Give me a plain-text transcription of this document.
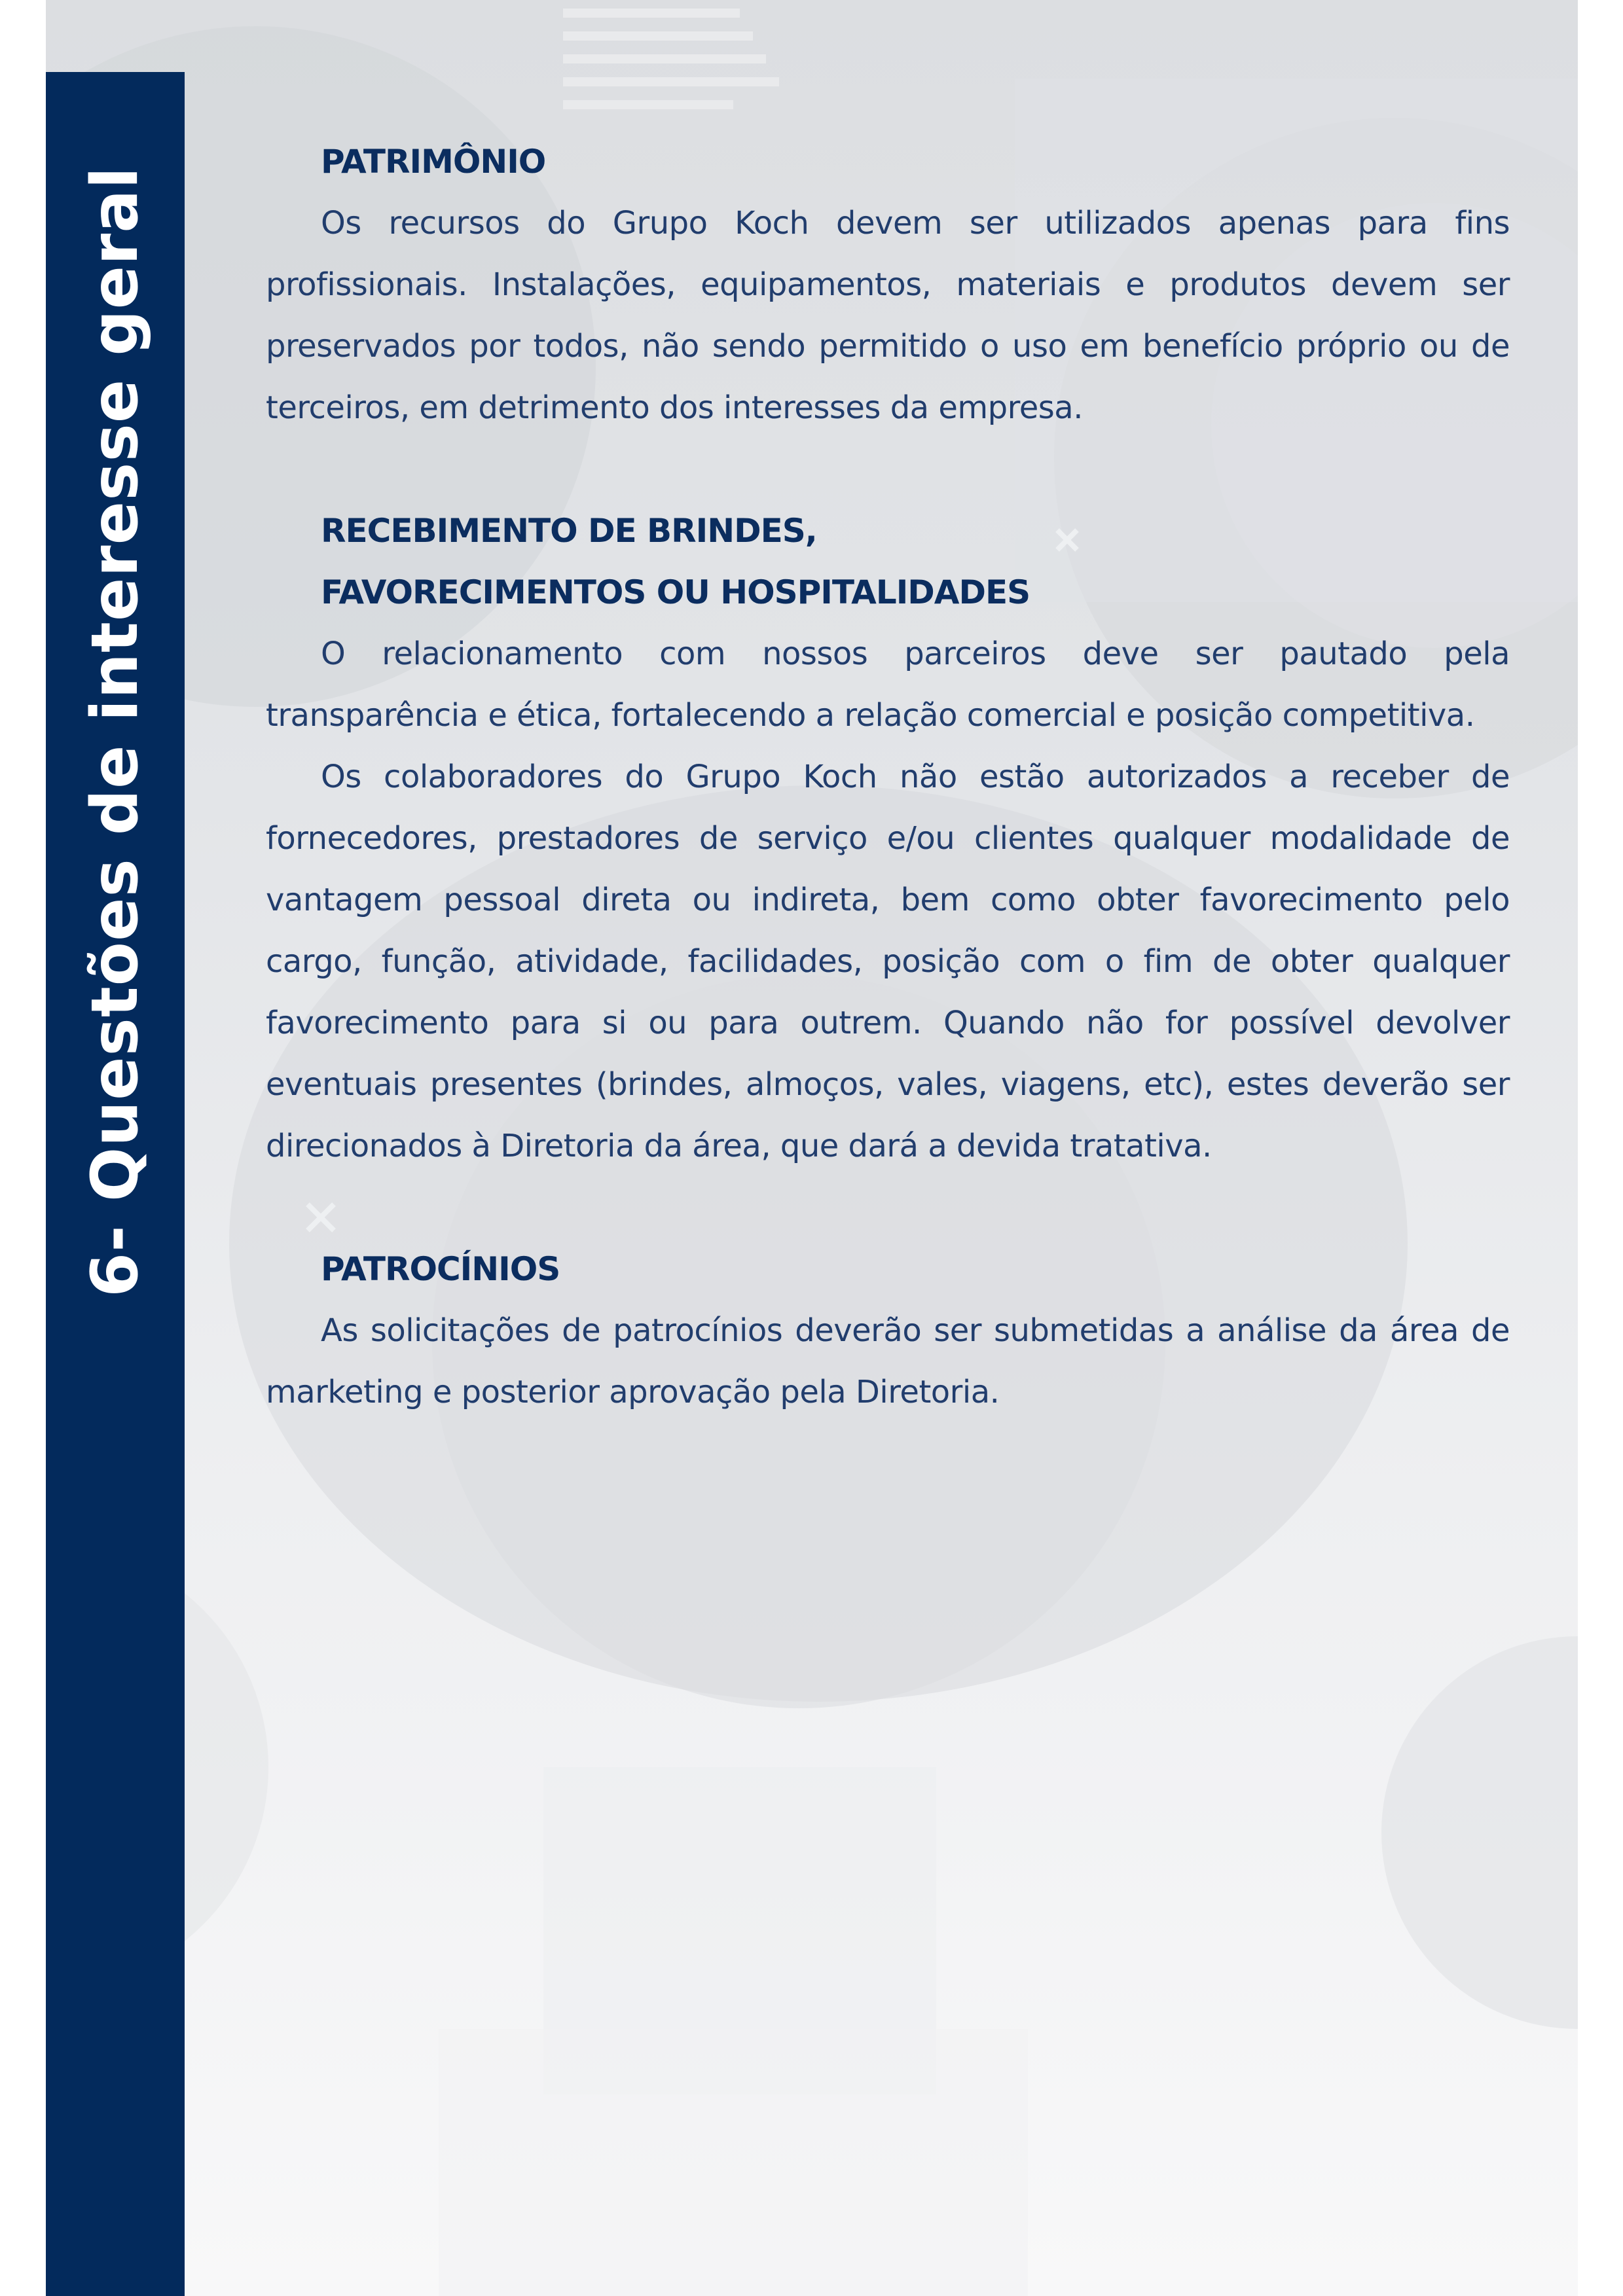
6- Questões de interesse geral
PATRIMÔNIO

Os recursos do Grupo Koch devem ser utilizados apenas para fins profissionais. Instalações, equipamentos, materiais e produtos devem ser preservados por todos, não sendo permitido o uso em benefício próprio ou de terceiros, em detrimento dos interesses da empresa.

RECEBIMENTO DE BRINDES,
FAVORECIMENTOS OU HOSPITALIDADES

O relacionamento com nossos parceiros deve ser pautado pela transparência e ética, fortalecendo a relação comercial e posição competitiva.

Os colaboradores do Grupo Koch não estão autorizados a receber de fornecedores, prestadores de serviço e/ou clientes qualquer modalidade de vantagem pessoal direta ou indireta, bem como obter favorecimento pelo cargo, função, atividade, facilidades, posição com o fim de obter qualquer favorecimento para si ou para outrem. Quando não for possível devolver eventuais presentes (brindes, almoços, vales, viagens, etc), estes deverão ser direcionados à Diretoria da área, que dará a devida tratativa.

PATROCÍNIOS

As solicitações de patrocínios deverão ser submetidas a análise da área de marketing e posterior aprovação pela Diretoria.
